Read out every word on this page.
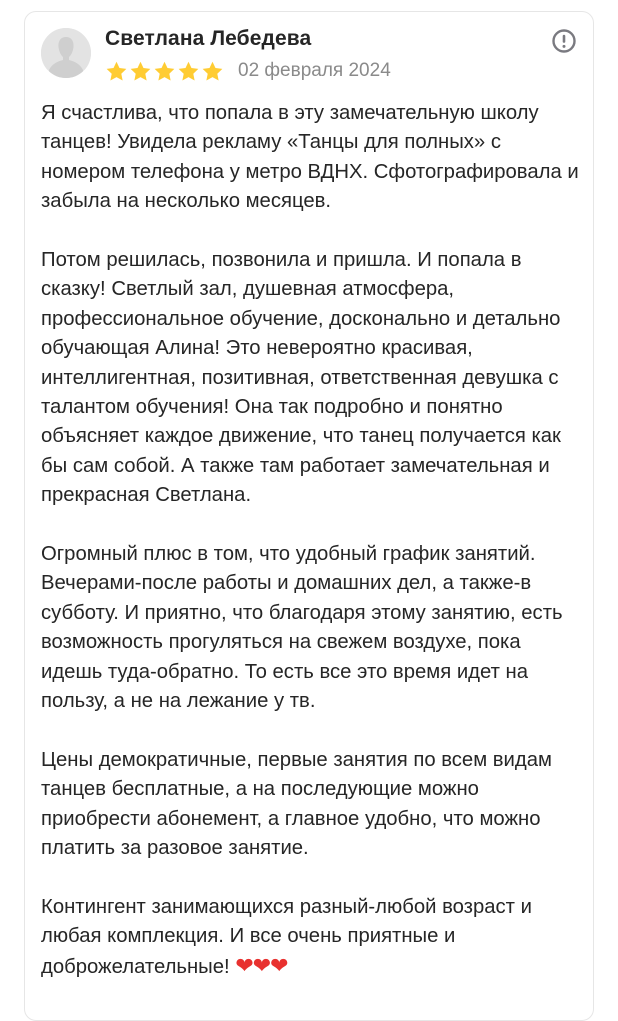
Светлана Лебедева
02 февраля 2024

Я счастлива, что попала в эту замечательную школу танцев! Увидела рекламу «Танцы для полных» с номером телефона у метро ВДНХ. Сфотографировала и забыла на несколько месяцев.

Потом решилась, позвонила и пришла. И попала в сказку! Светлый зал, душевная атмосфера, профессиональное обучение, досконально и детально обучающая Алина! Это невероятно красивая, интеллигентная, позитивная, ответственная девушка с талантом обучения! Она так подробно и понятно объясняет каждое движение, что танец получается как бы сам собой. А также там работает замечательная и прекрасная Светлана.

Огромный плюс в том, что удобный график занятий. Вечерами-после работы и домашних дел, а также-в субботу. И приятно, что благодаря этому занятию, есть возможность прогуляться на свежем воздухе, пока идешь туда-обратно. То есть все это время идет на пользу, а не на лежание у тв.

Цены демократичные, первые занятия по всем видам танцев бесплатные, а на последующие можно приобрести абонемент, а главное удобно, что можно платить за разовое занятие.

Контингент занимающихся разный-любой возраст и любая комплекция. И все очень приятные и доброжелательные! ❤❤❤
